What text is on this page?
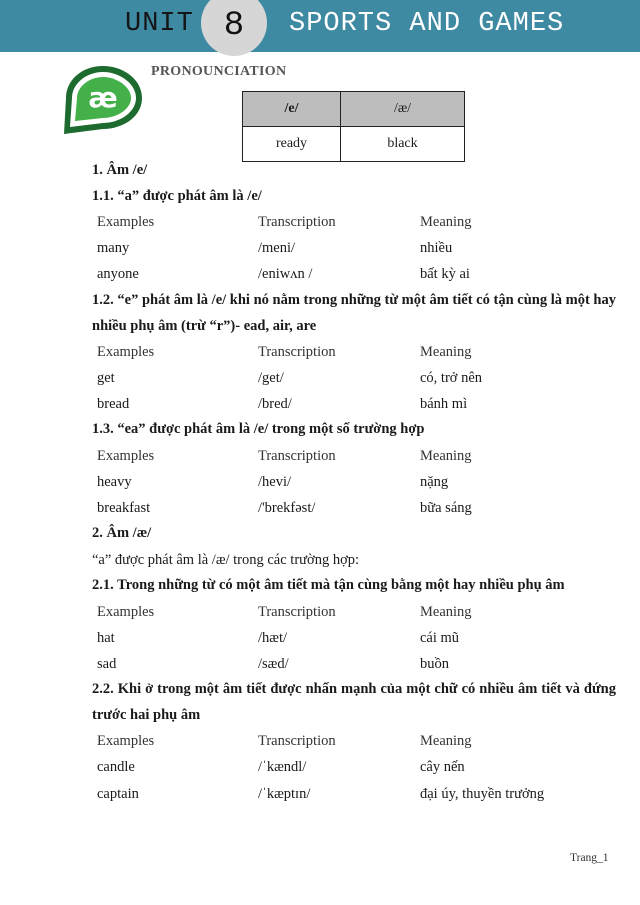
UNIT 8	SPORTS AND GAMES
æ
PRONOUNCIATION
/e/	/æ/
ready	black
1. Âm /e/
1.1. “a” được phát âm là /e/
Examples	Transcription	Meaning
many	/meni/	nhiều
anyone	/eniwʌn /	bất kỳ ai
1.2. “e” phát âm là /e/ khi nó nằm trong những từ một âm tiết có tận cùng là một hay nhiều phụ âm (trừ “r”)- ead, air, are
Examples	Transcription	Meaning
get	/get/	có, trở nên
bread	/bred/	bánh mì
1.3. “ea” được phát âm là /e/ trong một số trường hợp
Examples	Transcription	Meaning
heavy	/hevi/	nặng
breakfast	/'brekfəst/	bữa sáng
2. Âm /æ/
“a” được phát âm là /æ/ trong các trường hợp:
2.1. Trong những từ có một âm tiết mà tận cùng bằng một hay nhiều phụ âm
Examples	Transcription	Meaning
hat	/hæt/	cái mũ
sad	/sæd/	buồn
2.2. Khi ở trong một âm tiết được nhấn mạnh của một chữ có nhiều âm tiết và đứng trước hai phụ âm
Examples	Transcription	Meaning
candle	/ˈkændl/	cây nến
captain	/ˈkæptɪn/	đại úy, thuyền trưởng
Trang_1
